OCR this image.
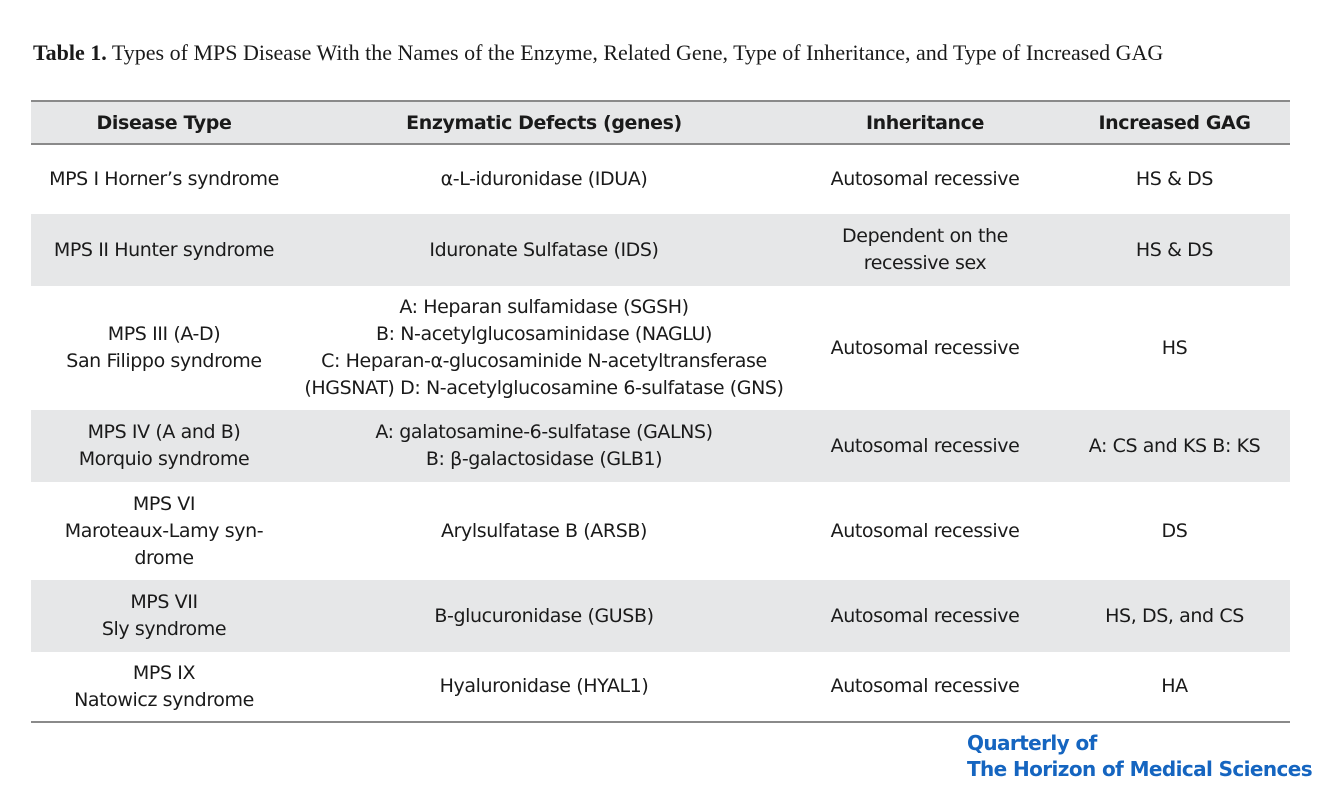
Table 1. Types of MPS Disease With the Names of the Enzyme, Related Gene, Type of Inheritance, and Type of Increased GAG
Disease Type	Enzymatic Defects (genes)	Inheritance	Increased GAG

MPS I Horner’s syndrome	α-L-iduronidase (IDUA)	Autosomal recessive	HS & DS

MPS II Hunter syndrome	Iduronate Sulfatase (IDS)	Dependent on the
recessive sex	HS & DS

MPS III (A-D)
San Filippo syndrome	A: Heparan sulfamidase (SGSH)
B: N-acetylglucosaminidase (NAGLU)
C: Heparan-α-glucosaminide N-acetyltransferase
(HGSNAT) D: N-acetylglucosamine 6-sulfatase (GNS)	Autosomal recessive	HS

MPS IV (A and B)
Morquio syndrome	A: galatosamine-6-sulfatase (GALNS)
B: β-galactosidase (GLB1)	Autosomal recessive	A: CS and KS B: KS

MPS VI
Maroteaux-Lamy syn-
drome	Arylsulfatase B (ARSB)	Autosomal recessive	DS

MPS VII
Sly syndrome	B-glucuronidase (GUSB)	Autosomal recessive	HS, DS, and CS

MPS IX
Natowicz syndrome	Hyaluronidase (HYAL1)	Autosomal recessive	HA
Quarterly of
The Horizon of Medical Sciences
